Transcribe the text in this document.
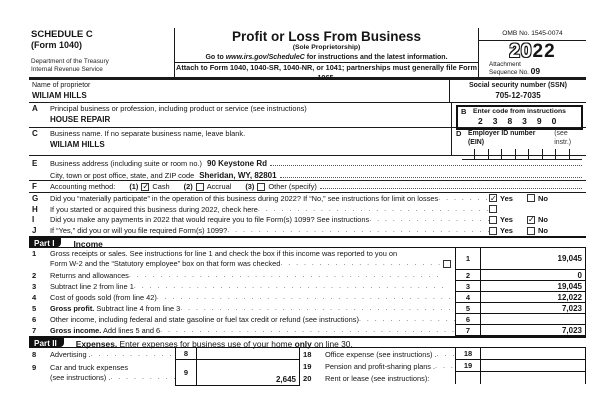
SCHEDULE C
(Form 1040)
Department of the Treasury
Internal Revenue Service
Profit or Loss From Business
(Sole Proprietorship)
Go to www.irs.gov/ScheduleC for instructions and the latest information.
Attach to Form 1040, 1040-SR, 1040-NR, or 1041; partnerships must generally file Form 1065.
OMB No. 1545-0074
2022
Attachment
Sequence No. 09
Name of proprietor
WILIAM HILLS
Social security number (SSN)
705-12-7035
A	Principal business or profession, including product or service (see instructions)
HOUSE REPAIR
B Enter code from instructions
238390
C	Business name. If no separate business name, leave blank.
WILIAM HILLS
D Employer ID number (EIN)
(see instr.)
E	Business address (including suite or room no.) 90 Keystone Rd
City, town or post office, state, and ZIP code Sheridan, WY, 82801
F	Accounting method: (1) ✓ Cash (2) Accrual (3) Other (specify)
G	Did you “materially participate” in the operation of this business during 2022? If “No,” see instructions for limit on losses . . ✓	Yes	No
H	If you started or acquired this business during 2022, check here
. .
I	Did you make any payments in 2022 that would require you to file Form(s) 1099? See instructions . .	Yes ✓	No
J	If “Yes,” did you or will you file required Form(s) 1099? . .	Yes	No
Part I	Income
1	Gross receipts or sales. See instructions for line 1 and check the box if this income was reported to you on
Form W-2 and the “Statutory employee” box on that form was checked
. .
1	19,045
2	Returns and allowances . .	2	0
3	Subtract line 2 from line 1 . .	3	19,045
4	Cost of goods sold (from line 42) . .	4	12,022
5	Gross profit. Subtract line 4 from line 3 . .	5	7,023
6	Other income, including federal and state gasoline or fuel tax credit or refund (see instructions) . .	6
7	Gross income. Add lines 5 and 6 . .	7	7,023
Part II	Expenses. Enter expenses for business use of your home only on line 30.
8	Advertising . . .	8
9	Car and truck expenses
(see instructions) .
. .
9
2,645
18	Office expense (see instructions) . . .	18
19	Pension and profit-sharing plans . . .	19
20	Rent or lease (see instructions):
